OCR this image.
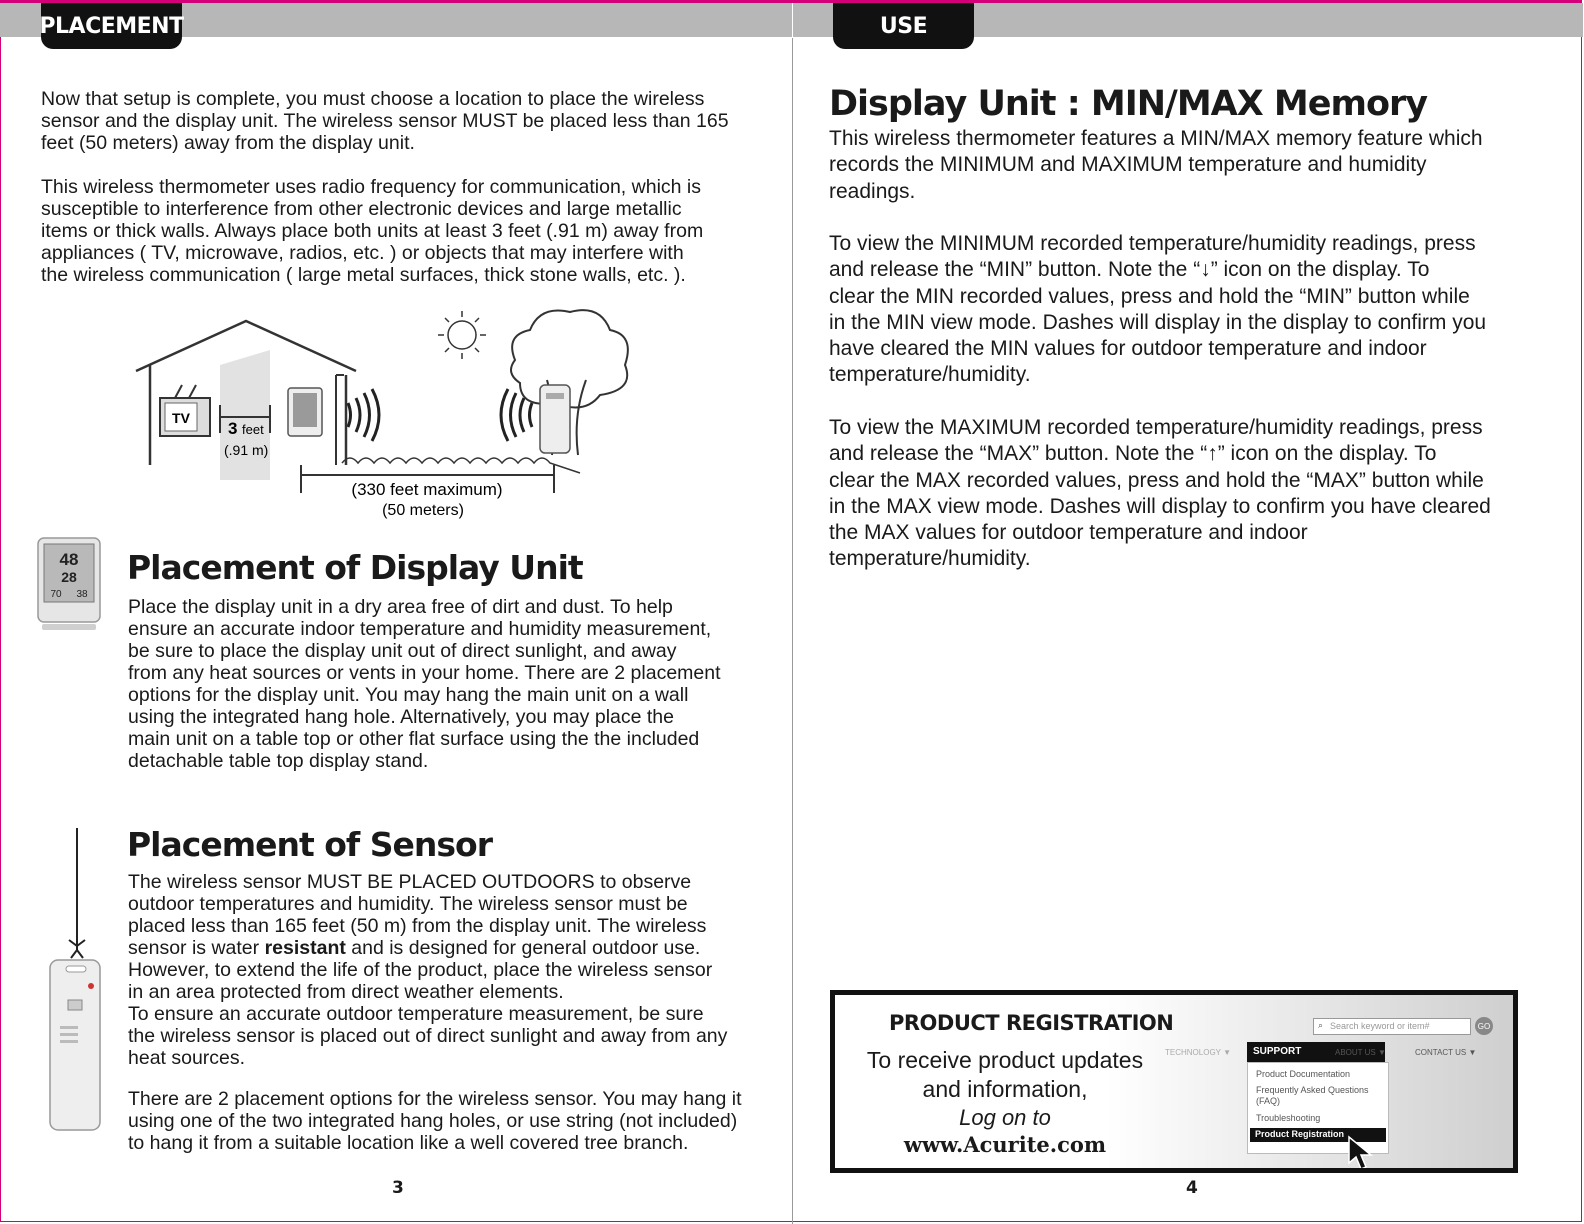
PLACEMENT	USE
Now that setup is complete, you must choose a location to place the wireless
sensor and the display unit. The wireless sensor MUST be placed less than 165
feet (50 meters) away from the display unit.
This wireless thermometer uses radio frequency for communication, which is
susceptible to interference from other electronic devices and large metallic
items or thick walls. Always place both units at least 3 feet (.91 m) away from
appliances ( TV, microwave, radios, etc. ) or objects that may interfere with
the wireless communication ( large metal surfaces, thick stone walls, etc. ).
TV
3 feet
(.91 m)
(330 feet maximum)
(50 meters)
48
28
70 38
Placement of Display Unit
Place the display unit in a dry area free of dirt and dust. To help
ensure an accurate indoor temperature and humidity measurement,
be sure to place the display unit out of direct sunlight, and away
from any heat sources or vents in your home. There are 2 placement
options for the display unit. You may hang the main unit on a wall
using the integrated hang hole. Alternatively, you may place the
main unit on a table top or other flat surface using the the included
detachable table top display stand.
Placement of Sensor
The wireless sensor MUST BE PLACED OUTDOORS to observe
outdoor temperatures and humidity. The wireless sensor must be
placed less than 165 feet (50 m) from the display unit. The wireless
sensor is water resistant and is designed for general outdoor use.
However, to extend the life of the product, place the wireless sensor
in an area protected from direct weather elements.
To ensure an accurate outdoor temperature measurement, be sure
the wireless sensor is placed out of direct sunlight and away from any
heat sources.
There are 2 placement options for the wireless sensor. You may hang it
using one of the two integrated hang holes, or use string (not included)
to hang it from a suitable location like a well covered tree branch.
3
Display Unit : MIN/MAX Memory
This wireless thermometer features a MIN/MAX memory feature which
records the MINIMUM and MAXIMUM temperature and humidity
readings.
To view the MINIMUM recorded temperature/humidity readings, press
and release the “MIN” button. Note the “↓” icon on the display. To
clear the MIN recorded values, press and hold the “MIN” button while
in the MIN view mode. Dashes will display in the display to confirm you
have cleared the MIN values for outdoor temperature and indoor
temperature/humidity.
To view the MAXIMUM recorded temperature/humidity readings, press
and release the “MAX” button. Note the “↑” icon on the display. To
clear the MAX recorded values, press and hold the “MAX” button while
in the MAX view mode. Dashes will display to confirm you have cleared
the MAX values for outdoor temperature and indoor
temperature/humidity.
PRODUCT REGISTRATION
To receive product updates
and information,
Log on to
www.Acurite.com
⌕ Search keyword or item#	GO
TECHNOLOGY ▼ SUPPORT	ABOUT US ▼	CONTACT US ▼
Product Documentation
Frequently Asked Questions
(FAQ)
Troubleshooting
Product Registration
4
